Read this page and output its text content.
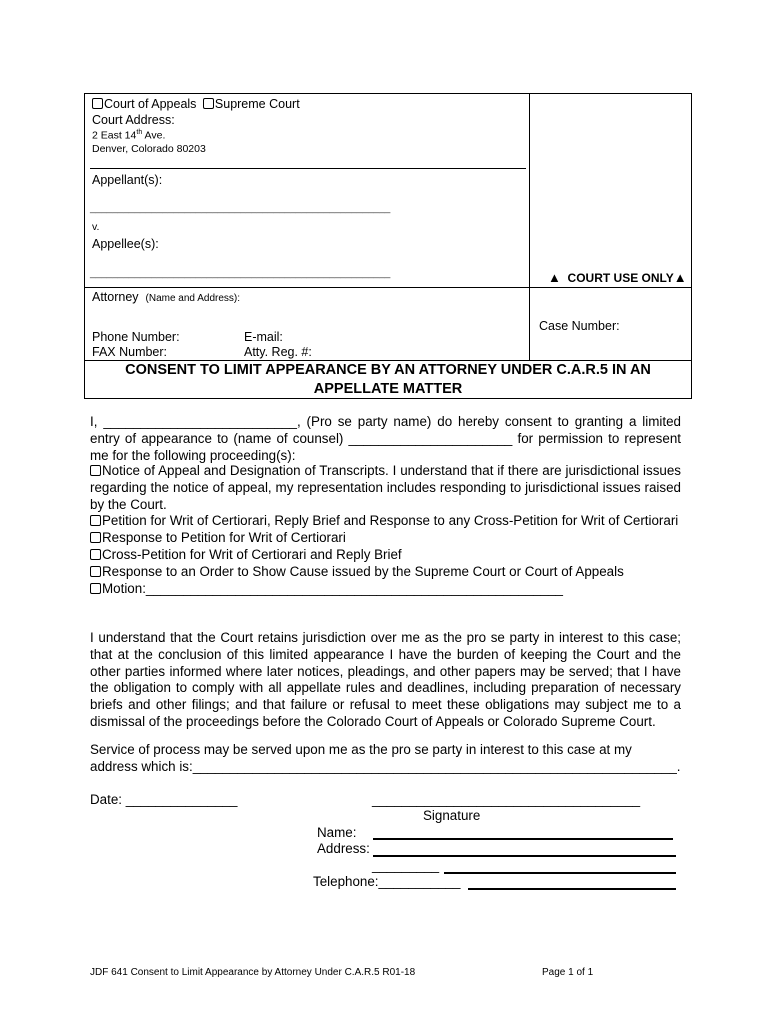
Court of Appeals Supreme Court
Court Address:
2 East 14th Ave.
Denver, Colorado 80203
Appellant(s):
______________________________________________________
v.
Appellee(s):
______________________________________________________	▲ COURT USE ONLY▲
Attorney (Name and Address):
Case Number:
Phone Number:	E-mail:
FAX Number:	Atty. Reg. #:
CONSENT TO LIMIT APPEARANCE BY AN ATTORNEY UNDER C.A.R.5 IN AN
APPELLATE MATTER
I, __________________________, (Pro se party name) do hereby consent to granting a limited entry of appearance to (name of counsel) ______________________ for permission to represent me for the following proceeding(s):
Notice of Appeal and Designation of Transcripts. I understand that if there are jurisdictional issues regarding the notice of appeal, my representation includes responding to jurisdictional issues raised by the Court.
Petition for Writ of Certiorari, Reply Brief and Response to any Cross-Petition for Writ of Certiorari
Response to Petition for Writ of Certiorari
Cross-Petition for Writ of Certiorari and Reply Brief
Response to an Order to Show Cause issued by the Supreme Court or Court of Appeals
Motion:________________________________________________________
I understand that the Court retains jurisdiction over me as the pro se party in interest to this case; that at the conclusion of this limited appearance I have the burden of keeping the Court and the other parties informed where later notices, pleadings, and other papers may be served; that I have the obligation to comply with all appellate rules and deadlines, including preparation of necessary briefs and other filings; and that failure or refusal to meet these obligations may subject me to a dismissal of the proceedings before the Colorado Court of Appeals or Colorado Supreme Court.
Service of process may be served upon me as the pro se party in interest to this case at my
address which is:_________________________________________________________________.
Date: _______________	____________________________________
Signature
Name:
Address:
_________
Telephone:___________
JDF 641 Consent to Limit Appearance by Attorney Under C.A.R.5 R01-18	Page 1 of 1
